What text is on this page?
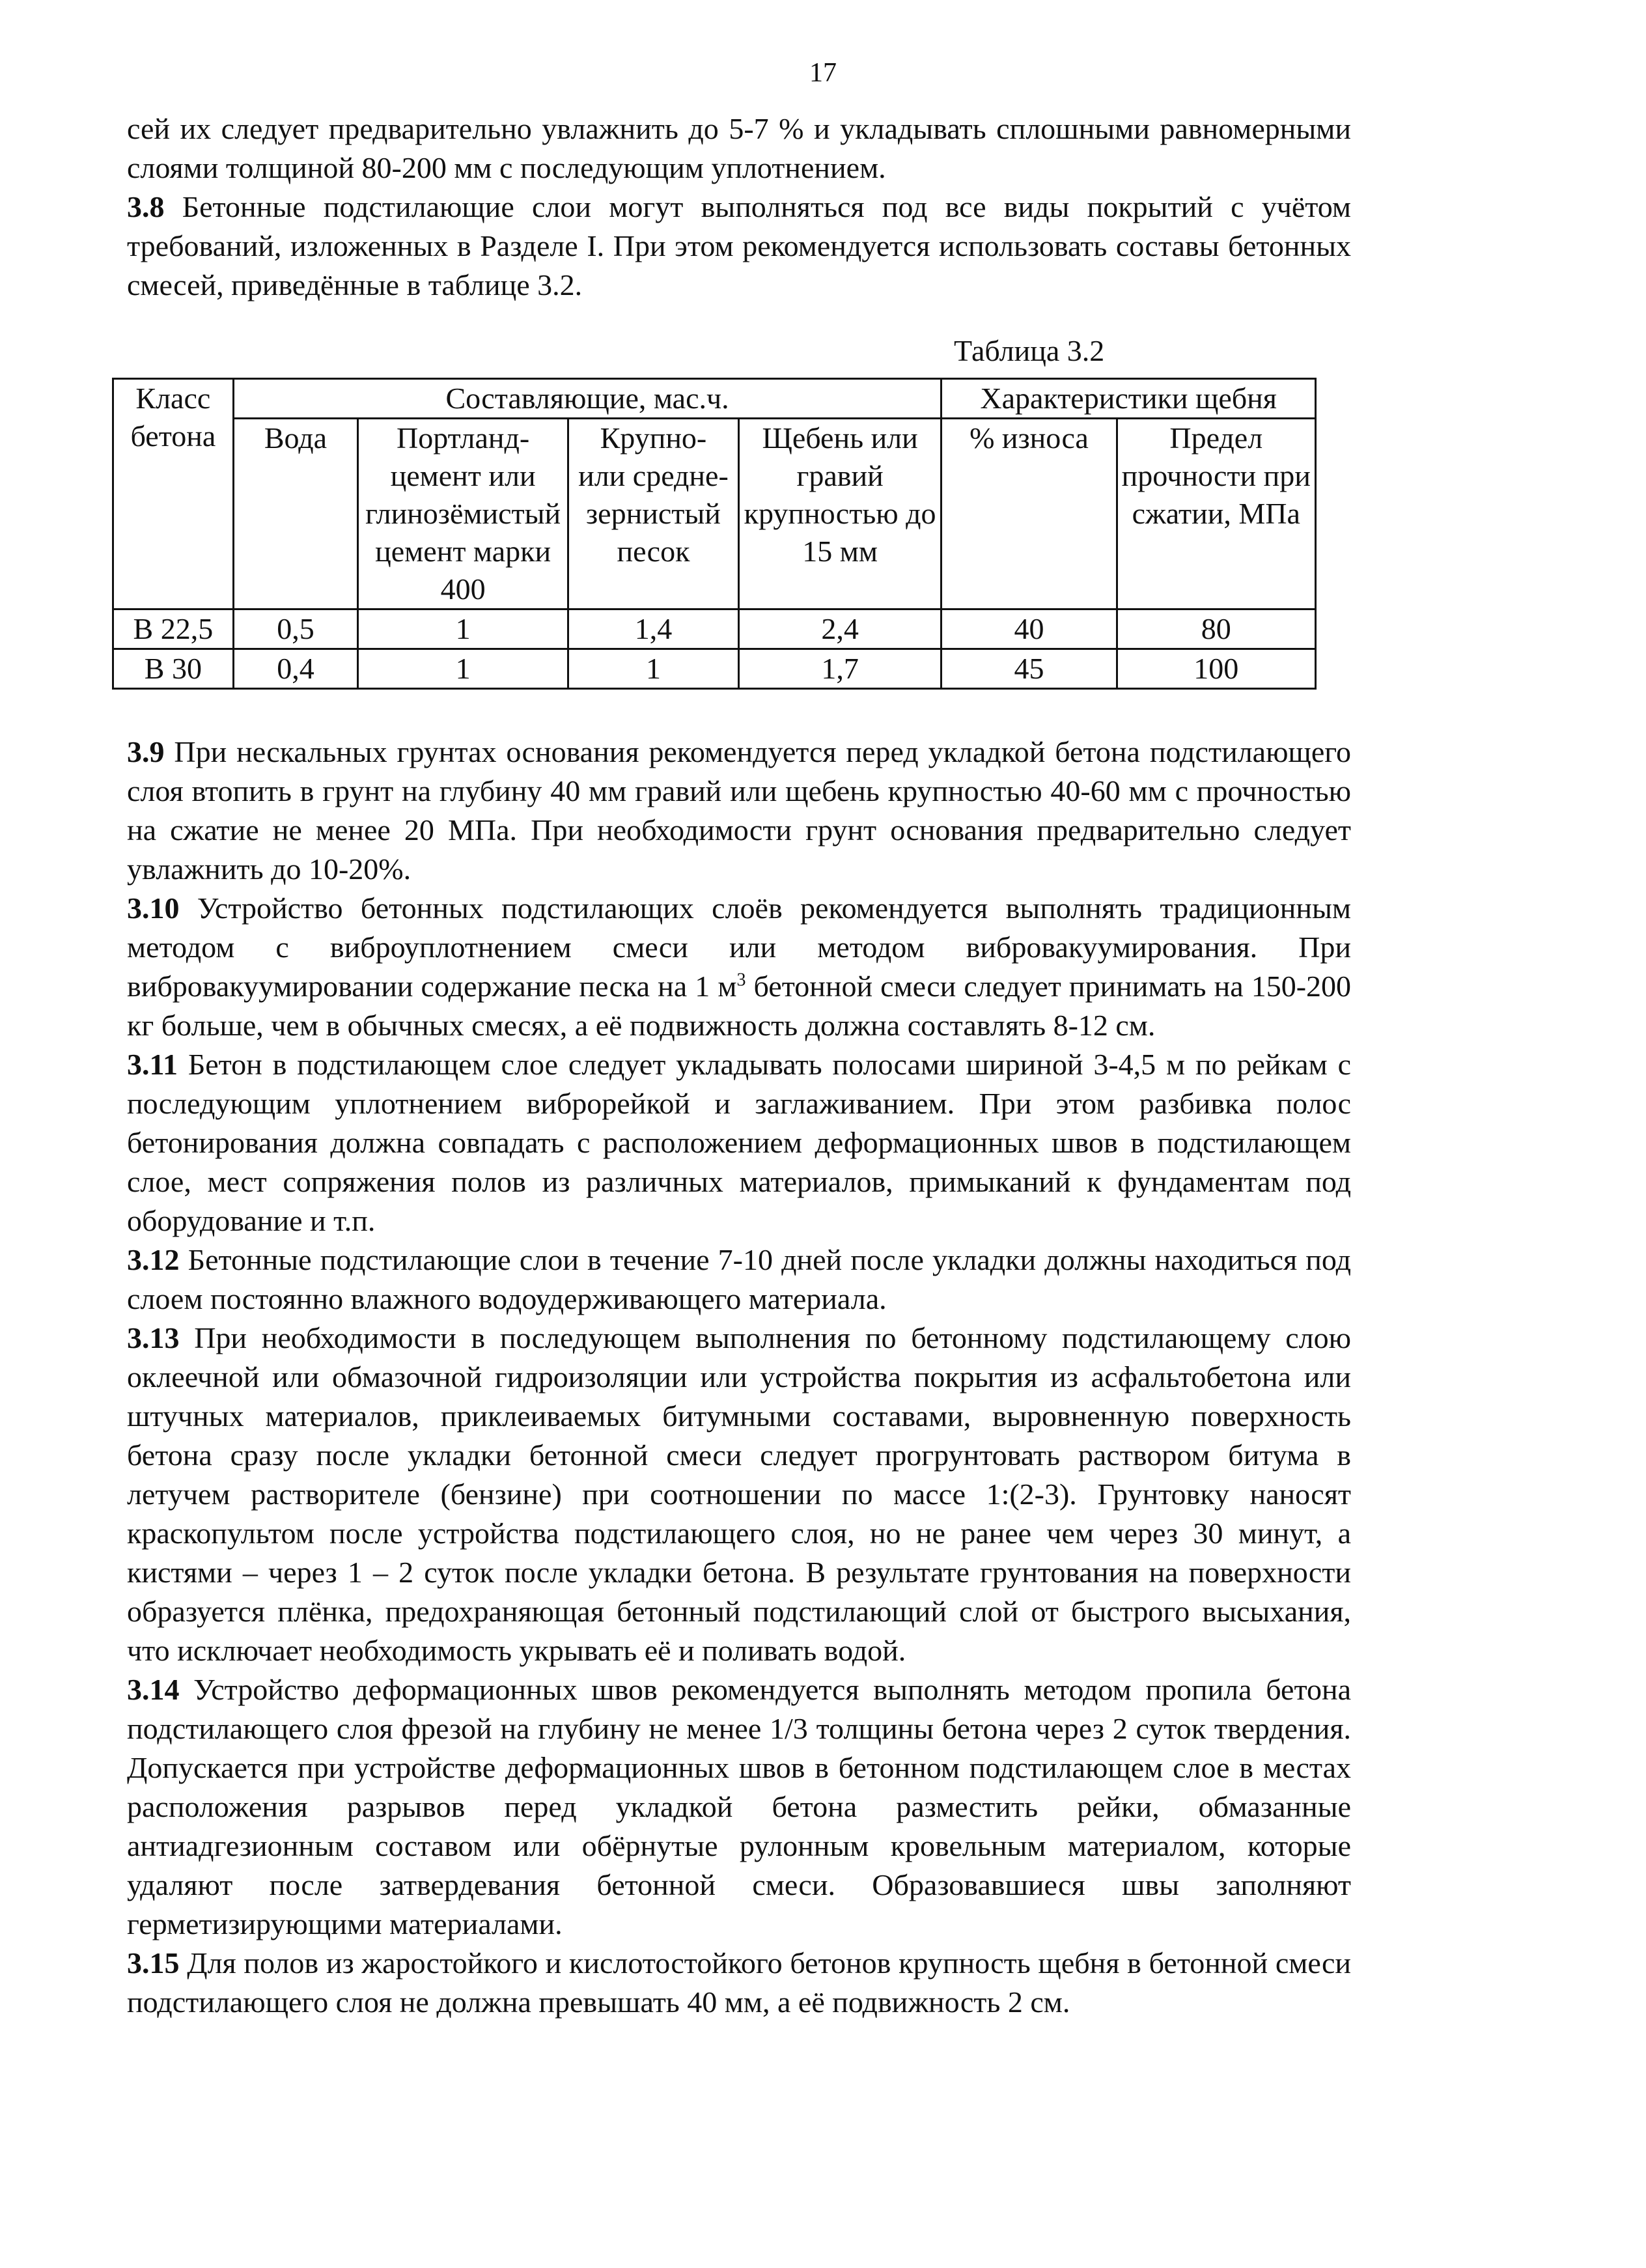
17

сей их следует предварительно увлажнить до 5-7 % и укладывать сплошными равномерными слоями толщиной 80-200 мм с последующим уплотнением.

3.8 Бетонные подстилающие слои могут выполняться под все виды покрытий с учётом требований, изложенных в Разделе I. При этом рекомендуется использовать составы бетонных смесей, приведённые в таблице 3.2.

Таблица 3.2
Класс бетона	Составляющие, мас.ч.				Характеристики щебня	
	Вода	Портланд-цемент или глинозёмистый цемент марки 400	Крупно- или средне-зернистый песок	Щебень или гравий крупностью до 15 мм	% износа	Предел прочности при сжатии, МПа
В 22,5	0,5	1	1,4	2,4	40	80
В 30	0,4	1	1	1,7	45	100

3.9 При нескальных грунтах основания рекомендуется перед укладкой бетона подстилающего слоя втопить в грунт на глубину 40 мм гравий или щебень крупностью 40-60 мм с прочностью на сжатие не менее 20 МПа. При необходимости грунт основания предварительно следует увлажнить до 10-20%.

3.10 Устройство бетонных подстилающих слоёв рекомендуется выполнять традиционным методом с виброуплотнением смеси или методом вибровакуумирования. При вибровакуумировании содержание песка на 1 $м^3$ бетонной смеси следует принимать на 150-200 кг больше, чем в обычных смесях, а её подвижность должна составлять 8-12 см.

3.11 Бетон в подстилающем слое следует укладывать полосами шириной 3-4,5 м по рейкам с последующим уплотнением виброрейкой и заглаживанием. При этом разбивка полос бетонирования должна совпадать с расположением деформационных швов в подстилающем слое, мест сопряжения полов из различных материалов, примыканий к фундаментам под оборудование и т.п.

3.12 Бетонные подстилающие слои в течение 7-10 дней после укладки должны находиться под слоем постоянно влажного водоудерживающего материала.

3.13 При необходимости в последующем выполнения по бетонному подстилающему слою оклеечной или обмазочной гидроизоляции или устройства покрытия из асфальтобетона или штучных материалов, приклеиваемых битумными составами, выровненную поверхность бетона сразу после укладки бетонной смеси следует прогрунтовать раствором битума в летучем растворителе (бензине) при соотношении по массе 1:(2-3). Грунтовку наносят краскопультом после устройства подстилающего слоя, но не ранее чем через 30 минут, а кистями – через 1 – 2 суток после укладки бетона. В результате грунтования на поверхности образуется плёнка, предохраняющая бетонный подстилающий слой от быстрого высыхания, что исключает необходимость укрывать её и поливать водой.

3.14 Устройство деформационных швов рекомендуется выполнять методом пропила бетона подстилающего слоя фрезой на глубину не менее 1/3 толщины бетона через 2 суток твердения. Допускается при устройстве деформационных швов в бетонном подстилающем слое в местах расположения разрывов перед укладкой бетона разместить рейки, обмазанные антиадгезионным составом или обёрнутые рулонным кровельным материалом, которые удаляют после затвердевания бетонной смеси. Образовавшиеся швы заполняют герметизирующими материалами.

3.15 Для полов из жаростойкого и кислотостойкого бетонов крупность щебня в бетонной смеси подстилающего слоя не должна превышать 40 мм, а её подвижность 2 см.
